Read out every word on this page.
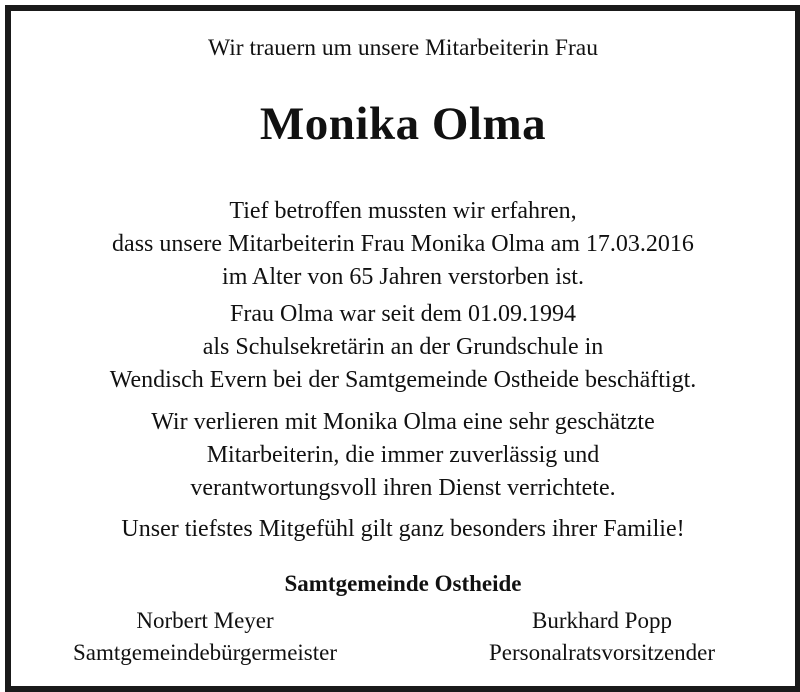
Wir trauern um unsere Mitarbeiterin Frau
Monika Olma
Tief betroffen mussten wir erfahren,
dass unsere Mitarbeiterin Frau Monika Olma am 17.03.2016
im Alter von 65 Jahren verstorben ist.
Frau Olma war seit dem 01.09.1994
als Schulsekretärin an der Grundschule in
Wendisch Evern bei der Samtgemeinde Ostheide beschäftigt.
Wir verlieren mit Monika Olma eine sehr geschätzte
Mitarbeiterin, die immer zuverlässig und
verantwortungsvoll ihren Dienst verrichtete.
Unser tiefstes Mitgefühl gilt ganz besonders ihrer Familie!
Samtgemeinde Ostheide
Norbert Meyer
Samtgemeindebürgermeister
Burkhard Popp
Personalratsvorsitzender
